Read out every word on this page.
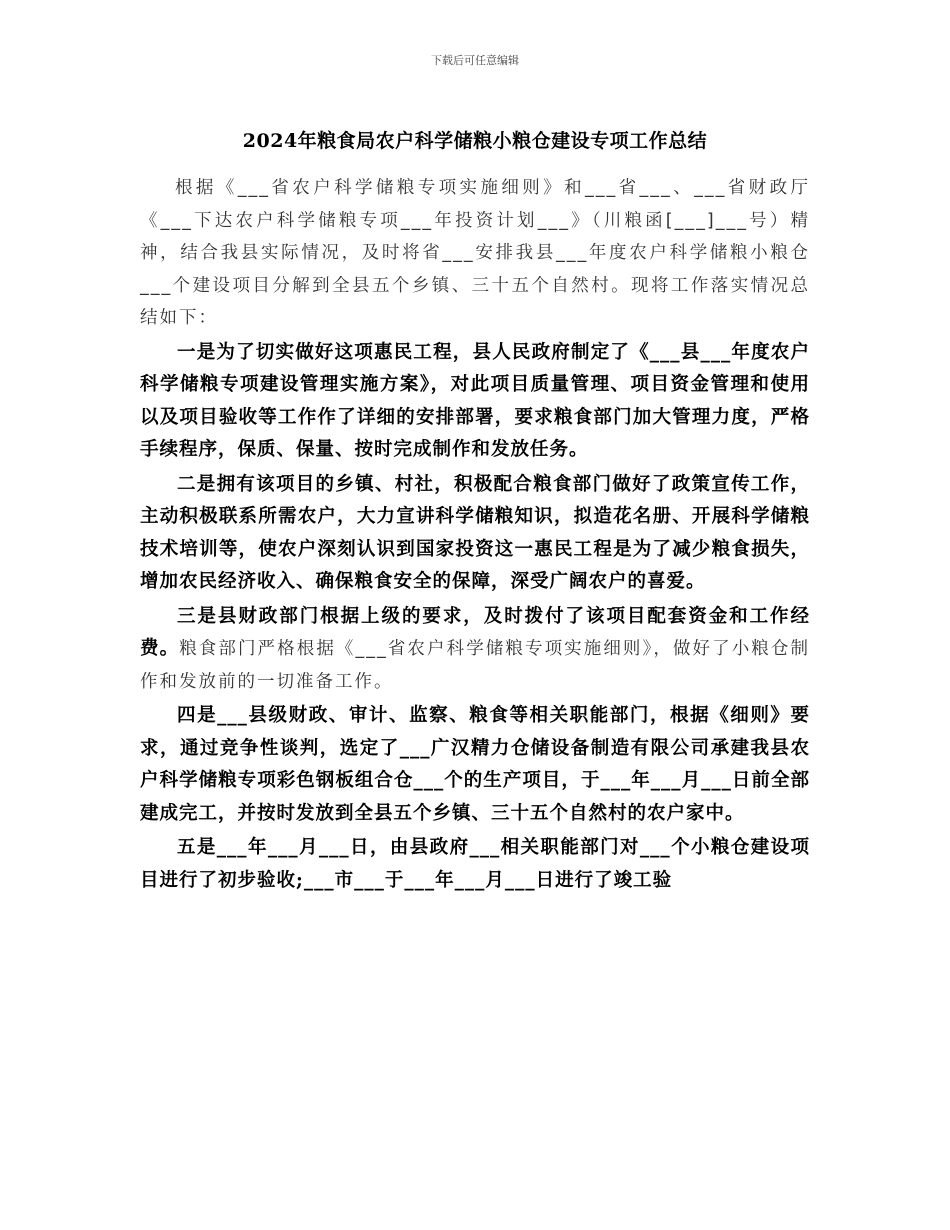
下载后可任意编辑
2024年粮食局农户科学储粮小粮仓建设专项工作总结

根据《___省农户科学储粮专项实施细则》和___省___、___省财政厅《___下达农户科学储粮专项___年投资计划___》（川粮函[___]___号）精神，结合我县实际情况，及时将省___安排我县___年度农户科学储粮小粮仓___个建设项目分解到全县五个乡镇、三十五个自然村。现将工作落实情况总结如下：

一是为了切实做好这项惠民工程，县人民政府制定了《___县___年度农户科学储粮专项建设管理实施方案》，对此项目质量管理、项目资金管理和使用以及项目验收等工作作了详细的安排部署，要求粮食部门加大管理力度，严格手续程序，保质、保量、按时完成制作和发放任务。

二是拥有该项目的乡镇、村社，积极配合粮食部门做好了政策宣传工作，主动积极联系所需农户，大力宣讲科学储粮知识，拟造花名册、开展科学储粮技术培训等，使农户深刻认识到国家投资这一惠民工程是为了减少粮食损失，增加农民经济收入、确保粮食安全的保障，深受广阔农户的喜爱。

三是县财政部门根据上级的要求，及时拨付了该项目配套资金和工作经费。粮食部门严格根据《___省农户科学储粮专项实施细则》，做好了小粮仓制作和发放前的一切准备工作。

四是___县级财政、审计、监察、粮食等相关职能部门，根据《细则》要求，通过竞争性谈判，选定了___广汉精力仓储设备制造有限公司承建我县农户科学储粮专项彩色钢板组合仓___个的生产项目，于___年___月___日前全部建成完工，并按时发放到全县五个乡镇、三十五个自然村的农户家中。

五是___年___月___日，由县政府___相关职能部门对___个小粮仓建设项目进行了初步验收;___市___于___年___月___日进行了竣工验
